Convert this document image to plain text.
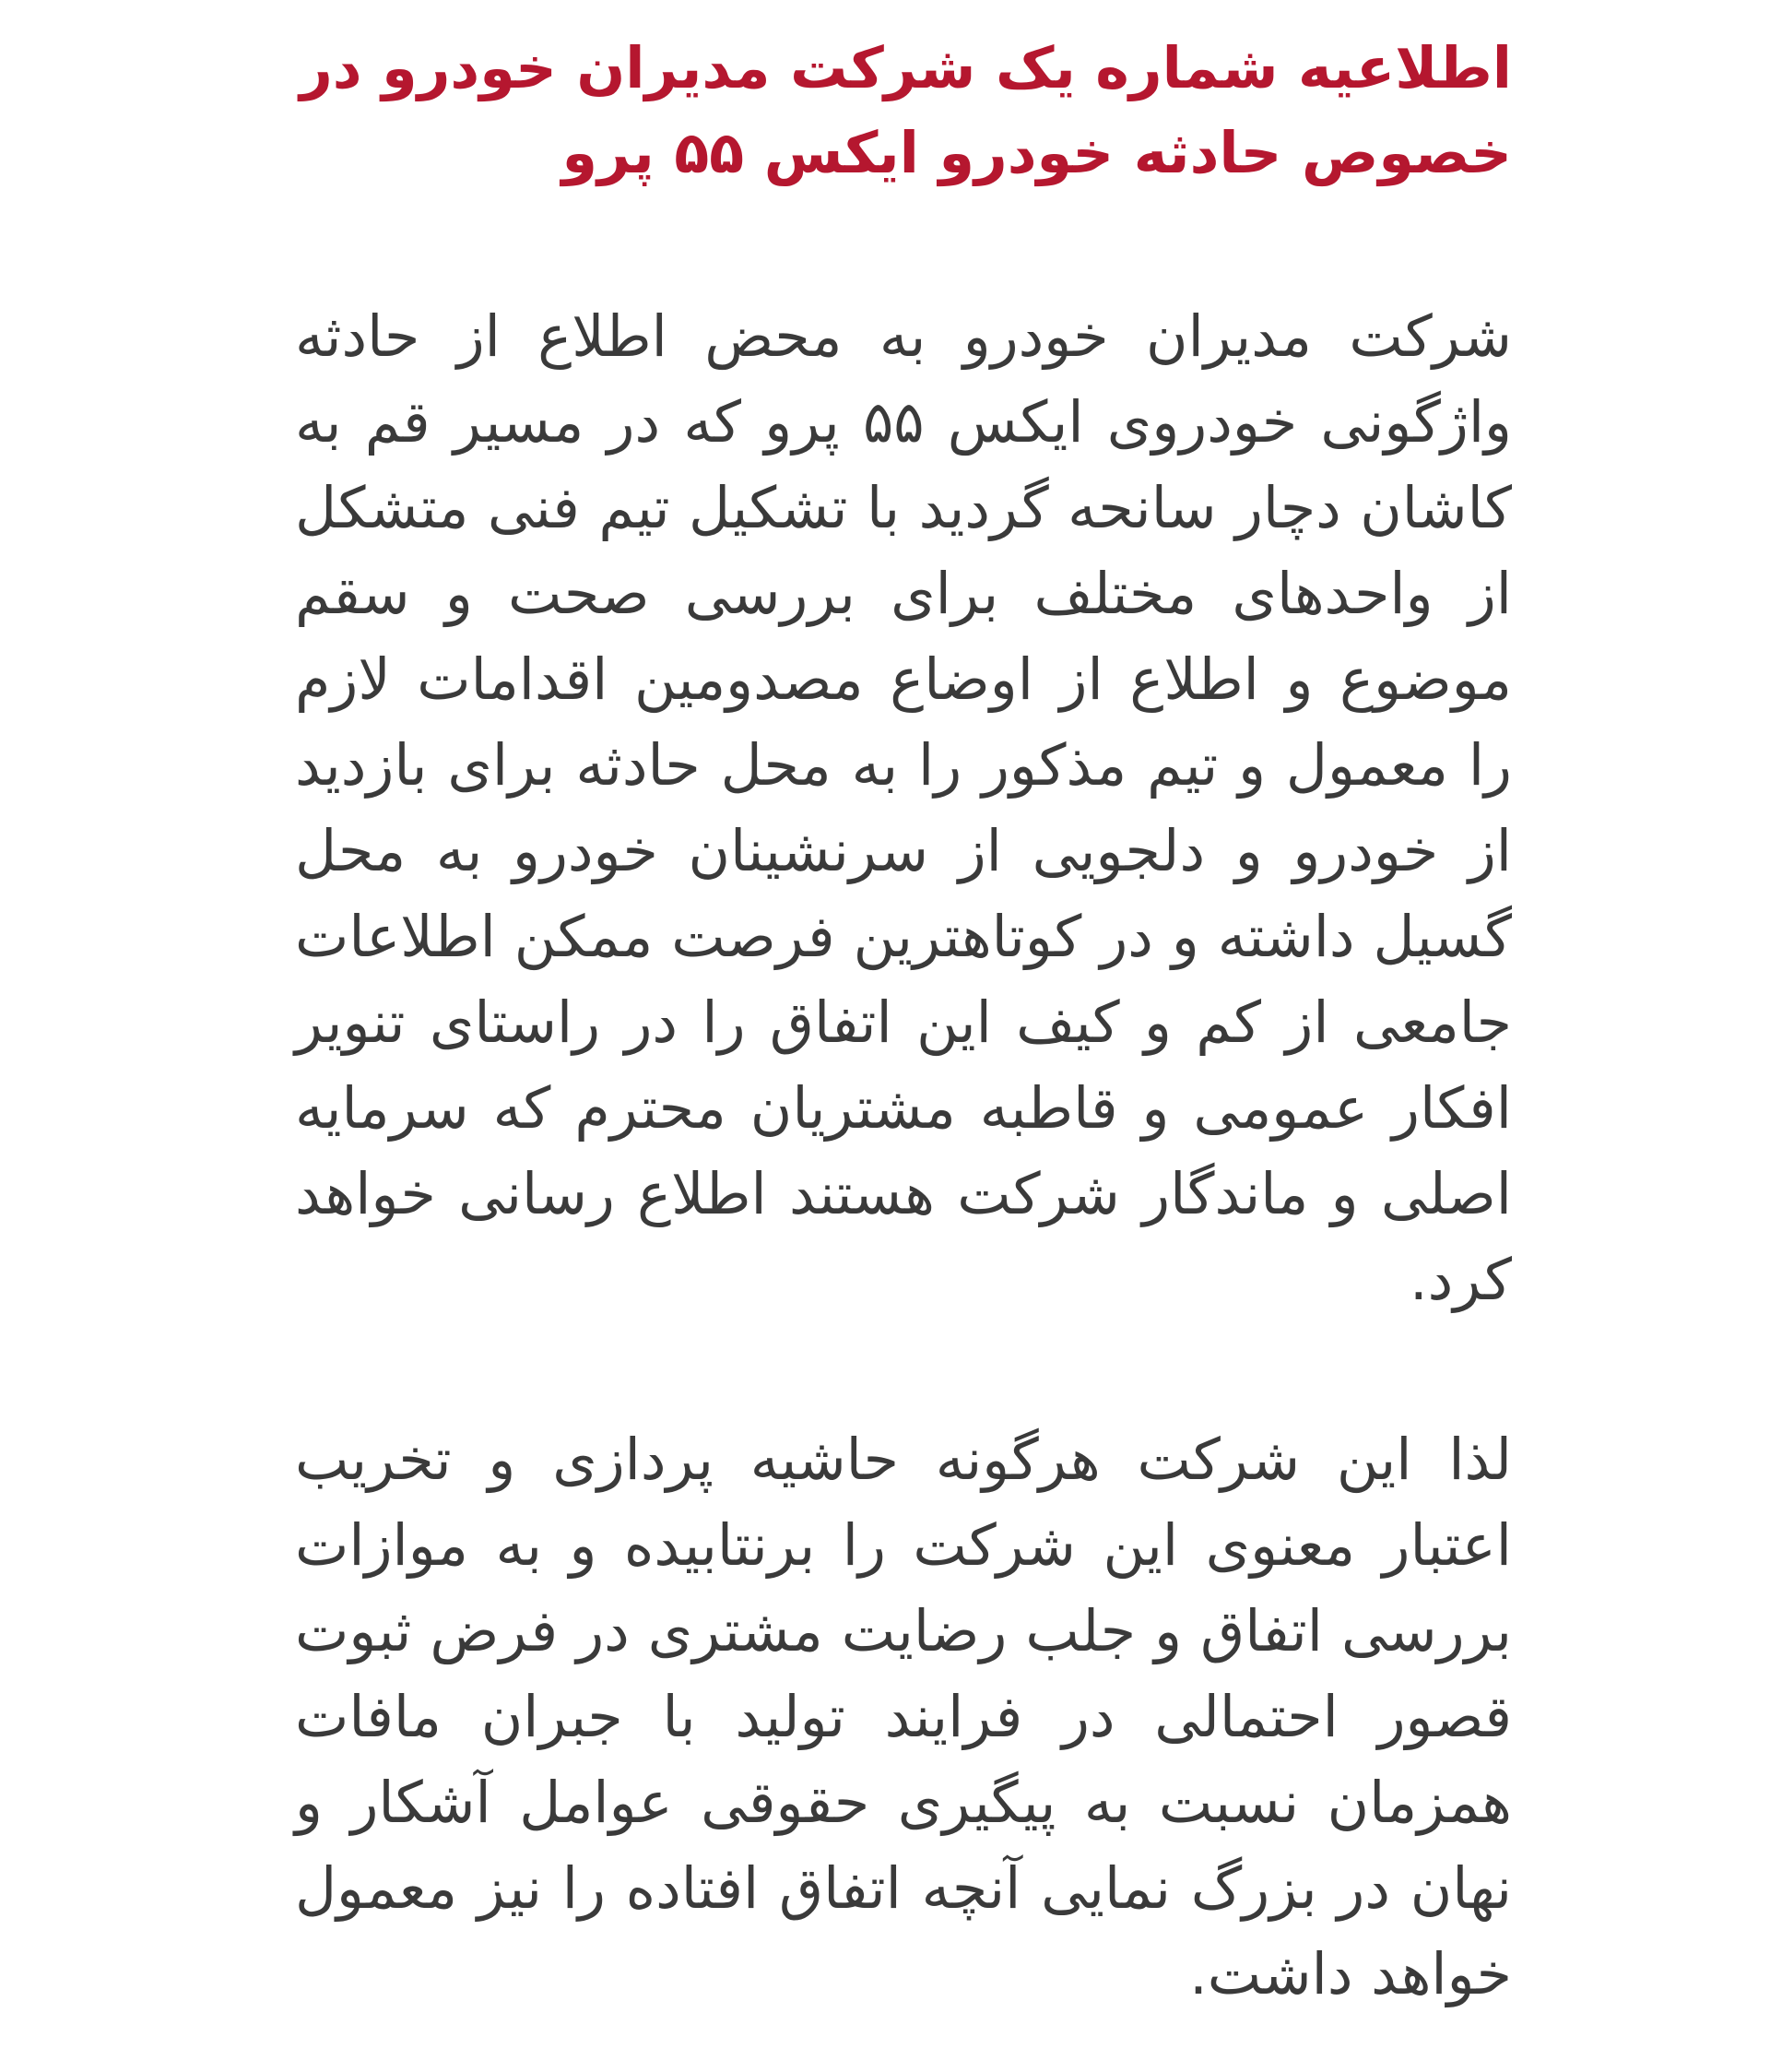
اطلاعیه شماره یک شرکت مدیران خودرو در خصوص حادثه خودرو ایکس ۵۵ پرو

شرکت مدیران خودرو به محض اطلاع از حادثه واژگونی خودروی ایکس ۵۵ پرو که در مسیر قم به کاشان دچار سانحه گردید با تشکیل تیم فنی متشکل از واحدهای مختلف برای بررسی صحت و سقم موضوع و اطلاع از اوضاع مصدومین اقدامات لازم را معمول و تیم مذکور را به محل حادثه برای بازدید از خودرو و دلجویی از سرنشینان خودرو به محل گسیل داشته و در کوتاهترین فرصت ممکن اطلاعات جامعی از کم و کیف این اتفاق را در راستای تنویر افکار عمومی و قاطبه مشتریان محترم که سرمایه اصلی و ماندگار شرکت هستند اطلاع رسانی خواهد کرد.

لذا این شرکت هرگونه حاشیه پردازی و تخریب اعتبار معنوی این شرکت را برنتابیده و به موازات بررسی اتفاق و جلب رضایت مشتری در فرض ثبوت قصور احتمالی در فرایند تولید با جبران مافات همزمان نسبت به پیگیری حقوقی عوامل آشکار و نهان در بزرگ نمایی آنچه اتفاق افتاده را نیز معمول خواهد داشت.
